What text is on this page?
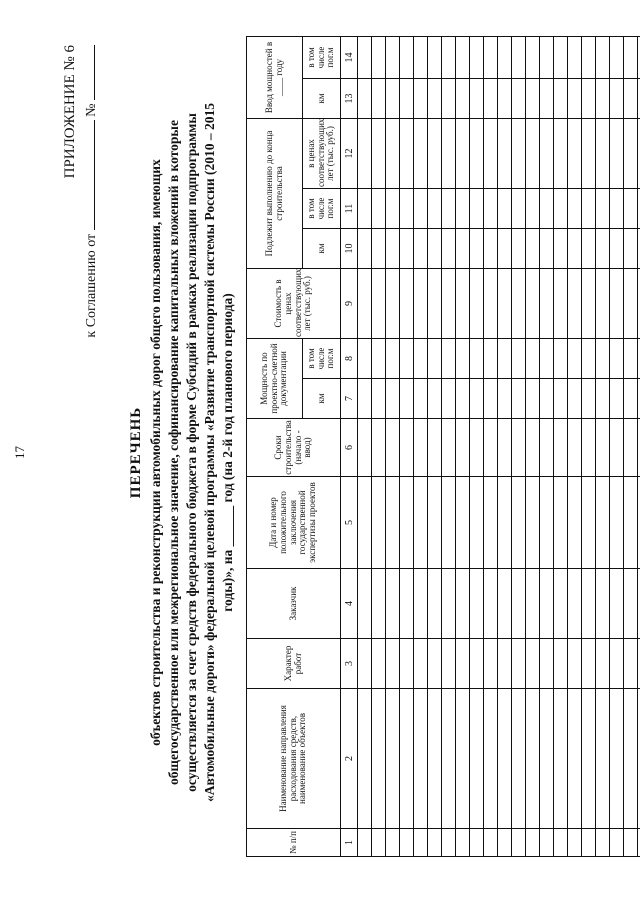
17
ПРИЛОЖЕНИЕ № 6
к Соглашению от  №
ПЕРЕЧЕНЬ объектов строительства и реконструкции автомобильных дорог общего пользования, имеющих общегосударственное или межрегиональное значение, софинансирование капитальных вложений в которые осуществляется за счет средств федерального бюджета в форме Субсидий в рамках реализации подпрограммы «Автомобильные дороги» федеральной целевой программы «Развитие транспортной системы России (2010 – 2015 годы)», на ______ год (на 2-й год планового периода)
№ п/п	Наименование направления расходования средств, наименование объектов	Характер работ	Заказчик	Дата и номер положительного заключения государственной экспертизы проектов	Сроки строительства (начало - ввод)	Мощность по проектно-сметной документации		Стоимость в ценах соответствующих лет (тыс. руб.)	Подлежит выполнению до конца строительства			Ввод мощностей в ____ году	
						км	в том числе пог.м		км	в том числе пог.м	в ценах соответствующих лет (тыс. руб.)	км	в том числе пог.м
1	2	3	4	5	6	7	8	9	10	11	12	13	14
